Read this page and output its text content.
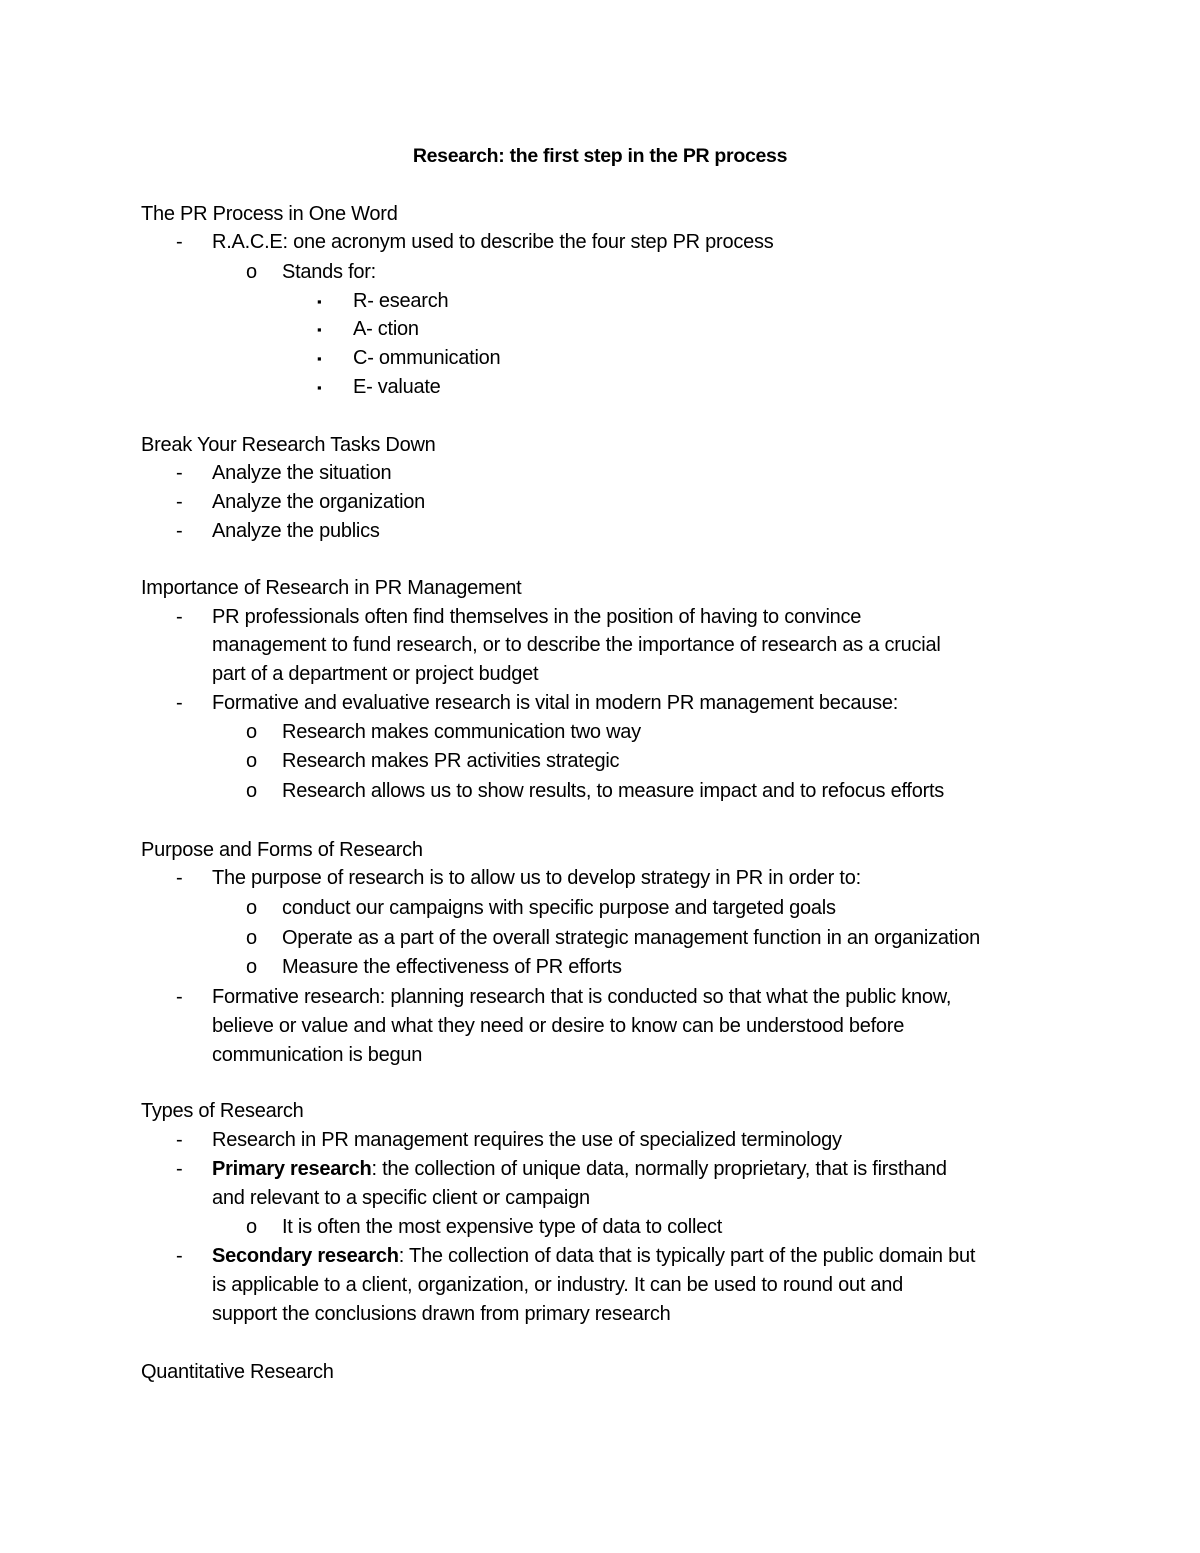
Research: the first step in the PR process
The PR Process in One Word
- R.A.C.E: one acronym used to describe the four step PR process
o Stands for:
▪ R- esearch
▪ A- ction
▪ C- ommunication
▪ E- valuate
Break Your Research Tasks Down
- Analyze the situation
- Analyze the organization
- Analyze the publics
Importance of Research in PR Management
- PR professionals often find themselves in the position of having to convince
management to fund research, or to describe the importance of research as a crucial
part of a department or project budget
- Formative and evaluative research is vital in modern PR management because:
o Research makes communication two way
o Research makes PR activities strategic
o Research allows us to show results, to measure impact and to refocus efforts
Purpose and Forms of Research
- The purpose of research is to allow us to develop strategy in PR in order to:
o conduct our campaigns with specific purpose and targeted goals
o Operate as a part of the overall strategic management function in an organization
o Measure the effectiveness of PR efforts
- Formative research: planning research that is conducted so that what the public know,
believe or value and what they need or desire to know can be understood before
communication is begun
Types of Research
- Research in PR management requires the use of specialized terminology
- Primary research: the collection of unique data, normally proprietary, that is firsthand
and relevant to a specific client or campaign
o It is often the most expensive type of data to collect
- Secondary research: The collection of data that is typically part of the public domain but
is applicable to a client, organization, or industry. It can be used to round out and
support the conclusions drawn from primary research
Quantitative Research
